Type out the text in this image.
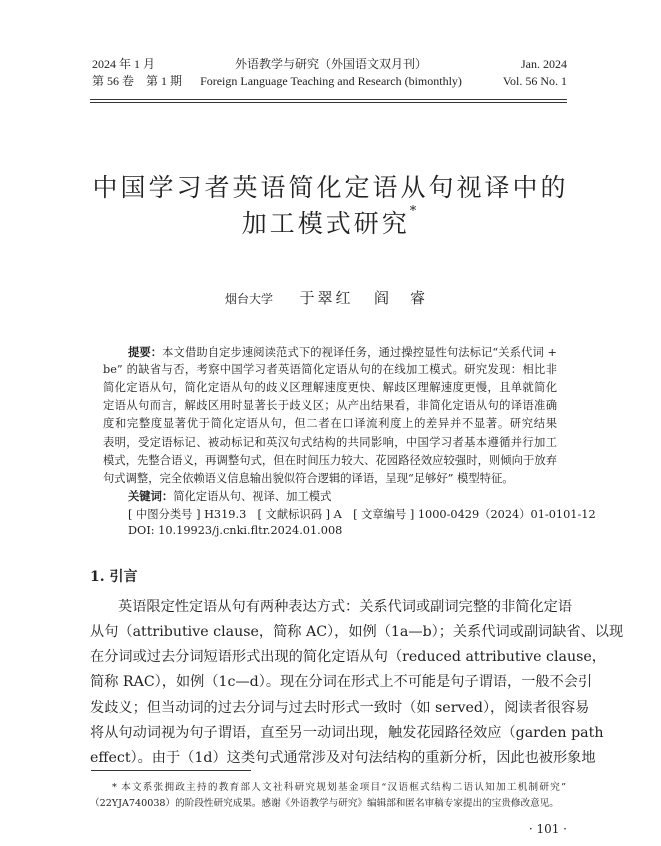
2024 年 1 月
第 56 卷　第 1 期
外语教学与研究（外国语文双月刊）
Foreign Language Teaching and Research (bimonthly)
Jan. 2024
Vol. 56 No. 1
中国学习者英语简化定语从句视译中的
加工模式研究*
烟台大学 于翠红 阎　睿
提要：本文借助自定步速阅读范式下的视译任务，通过操控显性句法标记“关系代词 +
be” 的缺省与否，考察中国学习者英语简化定语从句的在线加工模式。研究发现：相比非
简化定语从句，简化定语从句的歧义区理解速度更快、解歧区理解速度更慢，且单就简化
定语从句而言，解歧区用时显著长于歧义区；从产出结果看，非简化定语从句的译语准确
度和完整度显著优于简化定语从句，但二者在口译流利度上的差异并不显著。研究结果
表明，受定语标记、被动标记和英汉句式结构的共同影响，中国学习者基本遵循并行加工
模式，先整合语义，再调整句式，但在时间压力较大、花园路径效应较强时，则倾向于放弃
句式调整，完全依赖语义信息输出貌似符合逻辑的译语，呈现“足够好” 模型特征。
关键词：简化定语从句、视译、加工模式
[ 中图分类号 ] H319.3　[ 文献标识码 ] A　[ 文章编号 ] 1000-0429（2024）01-0101-12
DOI: 10.19923/j.cnki.fltr.2024.01.008
1. 引言
英语限定性定语从句有两种表达方式：关系代词或副词完整的非简化定语
从句（attributive clause，简称 AC），如例（1a—b）；关系代词或副词缺省、以现
在分词或过去分词短语形式出现的简化定语从句（reduced attributive clause，
简称 RAC），如例（1c—d）。现在分词在形式上不可能是句子谓语，一般不会引
发歧义；但当动词的过去分词与过去时形式一致时（如 served），阅读者很容易
将从句动词视为句子谓语，直至另一动词出现，触发花园路径效应（garden path
effect）。由于（1d）这类句式通常涉及对句法结构的重新分析，因此也被形象地
* 本文系张拥政主持的教育部人文社科研究规划基金项目“汉语框式结构二语认知加工机制研究”
（22YJA740038）的阶段性研究成果。感谢《外语教学与研究》编辑部和匿名审稿专家提出的宝贵修改意见。
· 101 ·
